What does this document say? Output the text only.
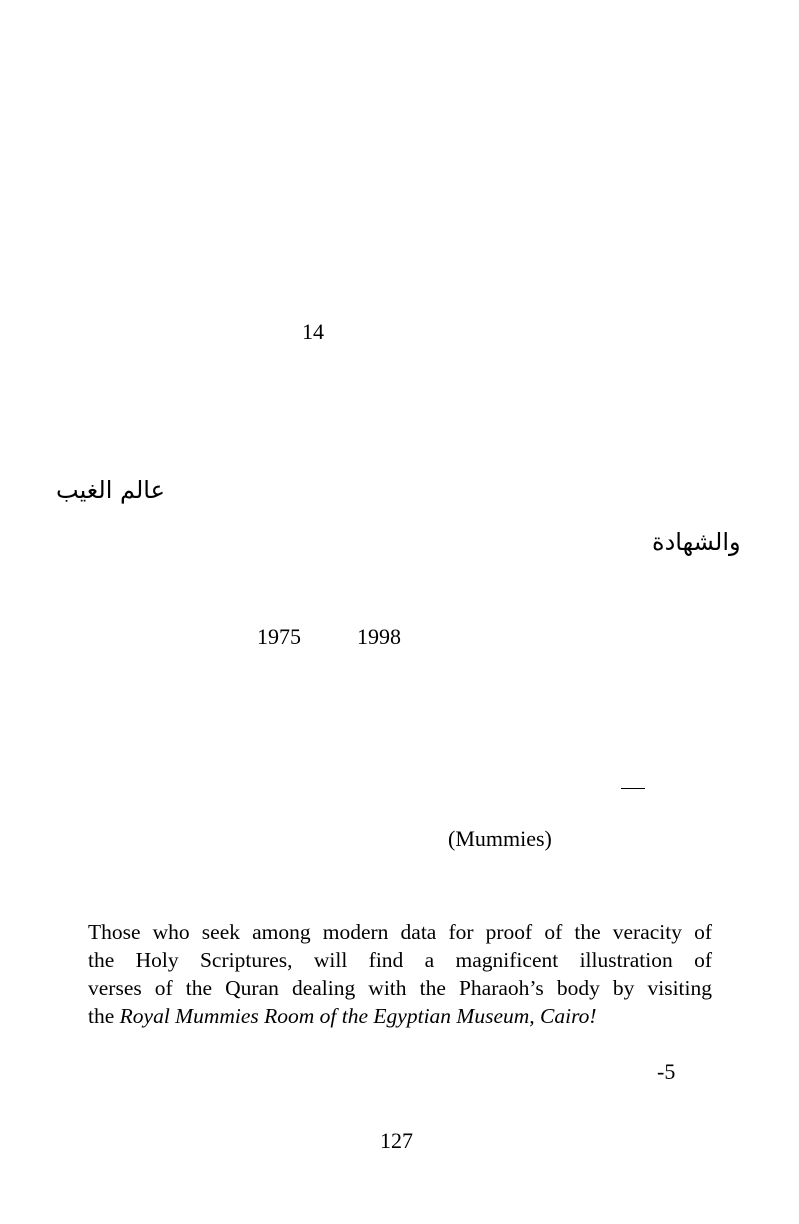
14
عالم الغيب
والشهادة
1975	1998
(Mummies)
Those who seek among modern data for proof of the veracity of
the Holy Scriptures, will find a magnificent illustration of
verses of the Quran dealing with the Pharaoh’s body by visiting
the Royal Mummies Room of the Egyptian Museum, Cairo!
-5
127
